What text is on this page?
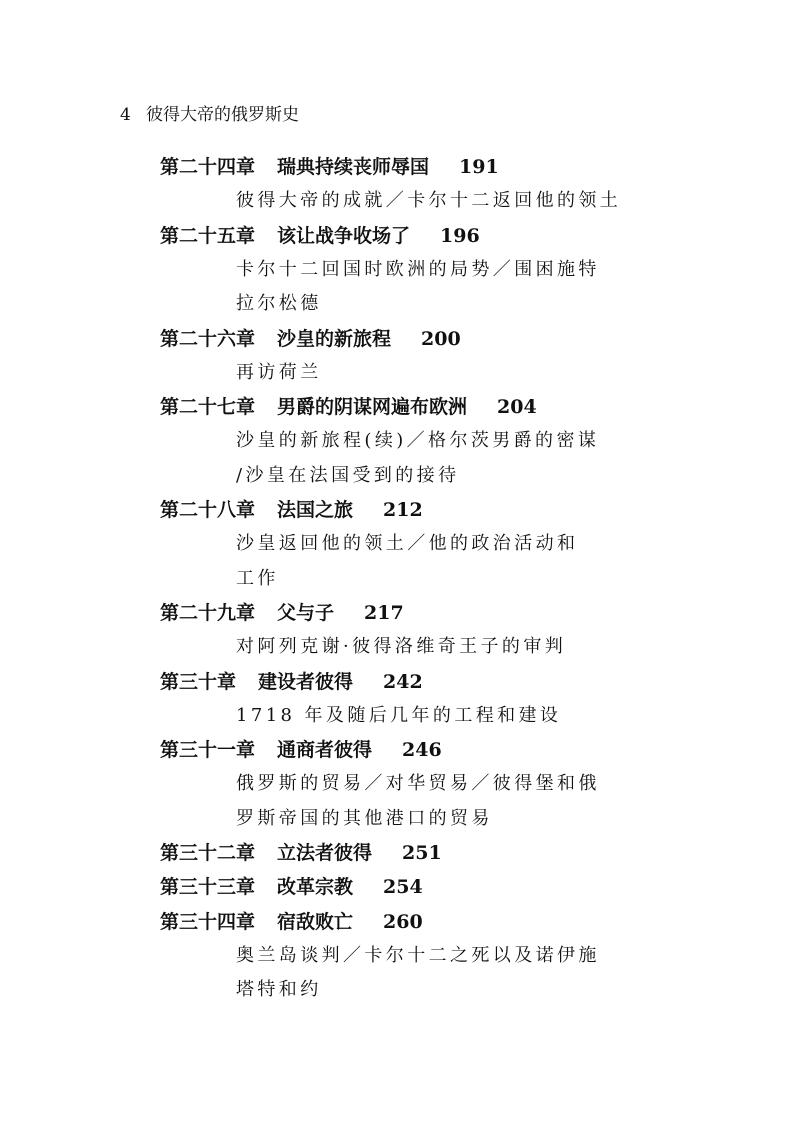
4 彼得大帝的俄罗斯史
第二十四章 瑞典持续丧师辱国 191
彼得大帝的成就／卡尔十二返回他的领土
第二十五章 该让战争收场了 196
卡尔十二回国时欧洲的局势／围困施特
拉尔松德
第二十六章 沙皇的新旅程 200
再访荷兰
第二十七章 男爵的阴谋网遍布欧洲 204
沙皇的新旅程(续)／格尔茨男爵的密谋
/沙皇在法国受到的接待
第二十八章 法国之旅 212
沙皇返回他的领土／他的政治活动和
工作
第二十九章 父与子 217
对阿列克谢·彼得洛维奇王子的审判
第三十章 建设者彼得 242
1718 年及随后几年的工程和建设
第三十一章 通商者彼得 246
俄罗斯的贸易／对华贸易／彼得堡和俄
罗斯帝国的其他港口的贸易
第三十二章 立法者彼得 251
第三十三章 改革宗教 254
第三十四章 宿敌败亡 260
奥兰岛谈判／卡尔十二之死以及诺伊施
塔特和约
